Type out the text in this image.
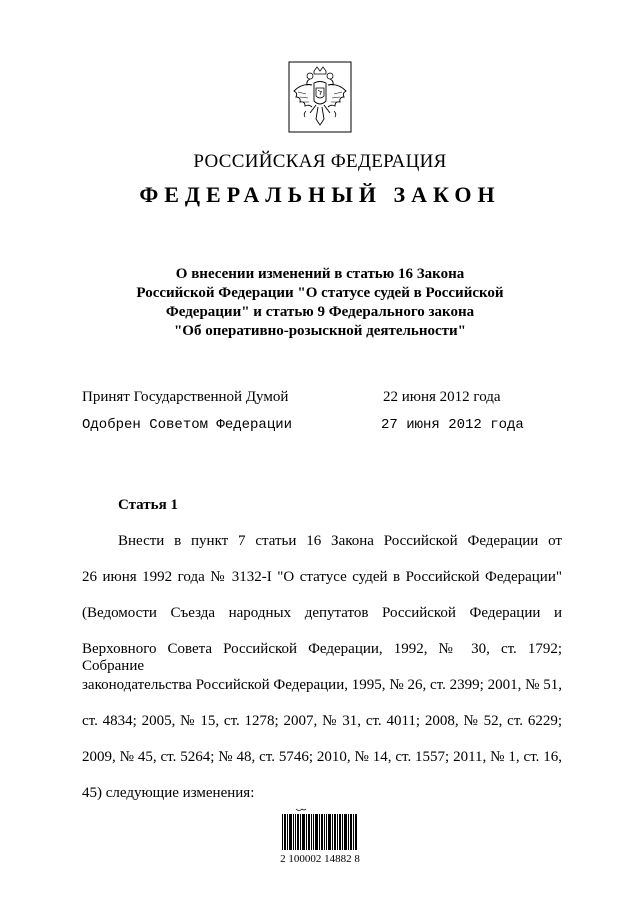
РОССИЙСКАЯ ФЕДЕРАЦИЯ
ФЕДЕРАЛЬНЫЙ ЗАКОН
О внесении изменений в статью 16 Закона
Российской Федерации "О статусе судей в Российской
Федерации" и статью 9 Федерального закона
"Об оперативно-розыскной деятельности"
Принят Государственной Думой	22 июня 2012 года
Одобрен Советом Федерации	27 июня 2012 года
Статья 1
Внести в пункт 7 статьи 16 Закона Российской Федерации от
26 июня 1992 года № 3132-I "О статусе судей в Российской Федерации"
(Ведомости Съезда народных депутатов Российской Федерации и
Верховного Совета Российской Федерации, 1992, № 30, ст. 1792; Собрание
законодательства Российской Федерации, 1995, № 26, ст. 2399; 2001, № 51,
ст. 4834; 2005, № 15, ст. 1278; 2007, № 31, ст. 4011; 2008, № 52, ст. 6229;
2009, № 45, ст. 5264; № 48, ст. 5746; 2010, № 14, ст. 1557; 2011, № 1, ст. 16,
45) следующие изменения:
2 100002 14882 8
